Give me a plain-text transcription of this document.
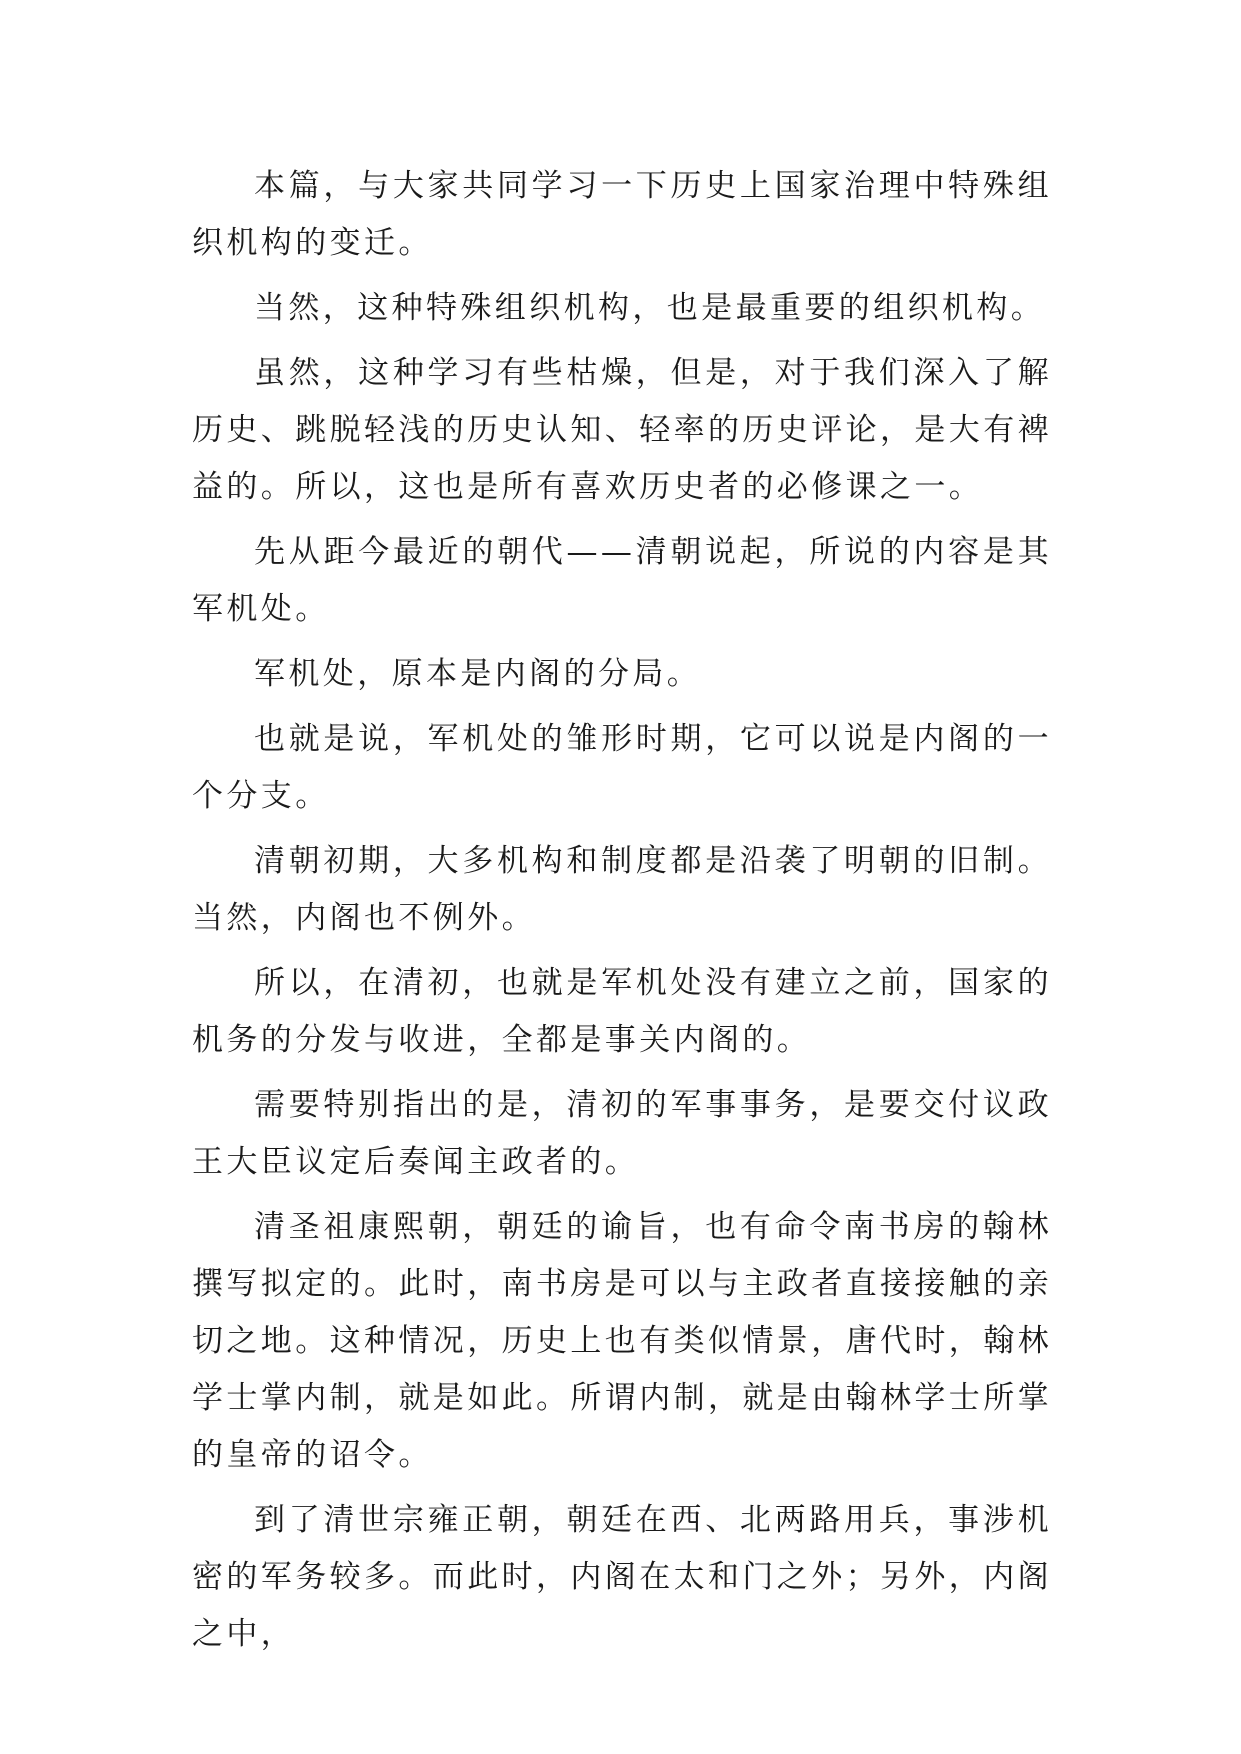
本篇，与大家共同学习一下历史上国家治理中特殊组织机构的变迁。

当然，这种特殊组织机构，也是最重要的组织机构。

虽然，这种学习有些枯燥，但是，对于我们深入了解历史、跳脱轻浅的历史认知、轻率的历史评论，是大有裨益的。所以，这也是所有喜欢历史者的必修课之一。

先从距今最近的朝代——清朝说起，所说的内容是其军机处。

军机处，原本是内阁的分局。

也就是说，军机处的雏形时期，它可以说是内阁的一个分支。

清朝初期，大多机构和制度都是沿袭了明朝的旧制。当然，内阁也不例外。

所以，在清初，也就是军机处没有建立之前，国家的机务的分发与收进，全都是事关内阁的。

需要特别指出的是，清初的军事事务，是要交付议政王大臣议定后奏闻主政者的。

清圣祖康熙朝，朝廷的谕旨，也有命令南书房的翰林撰写拟定的。此时，南书房是可以与主政者直接接触的亲切之地。这种情况，历史上也有类似情景，唐代时，翰林学士掌内制，就是如此。所谓内制，就是由翰林学士所掌的皇帝的诏令。

到了清世宗雍正朝，朝廷在西、北两路用兵，事涉机密的军务较多。而此时，内阁在太和门之外；另外，内阁之中，
